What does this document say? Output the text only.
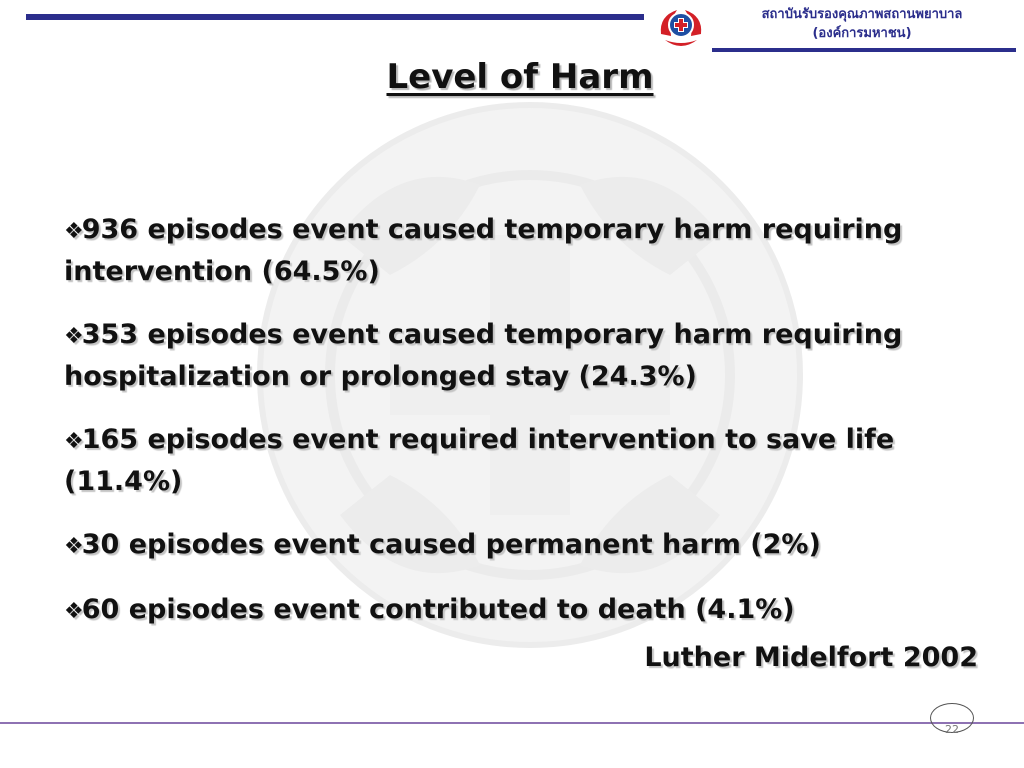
สถาบันรับรองคุณภาพสถานพยาบาล
(องค์การมหาชน)
Level of Harm
❖936 episodes event caused temporary harm requiring intervention (64.5%)
❖353 episodes event caused temporary harm requiring hospitalization or prolonged stay (24.3%)
❖165 episodes event required intervention to save life (11.4%)
❖30 episodes event caused permanent harm (2%)
❖60 episodes event contributed to death (4.1%)
Luther Midelfort 2002
22
